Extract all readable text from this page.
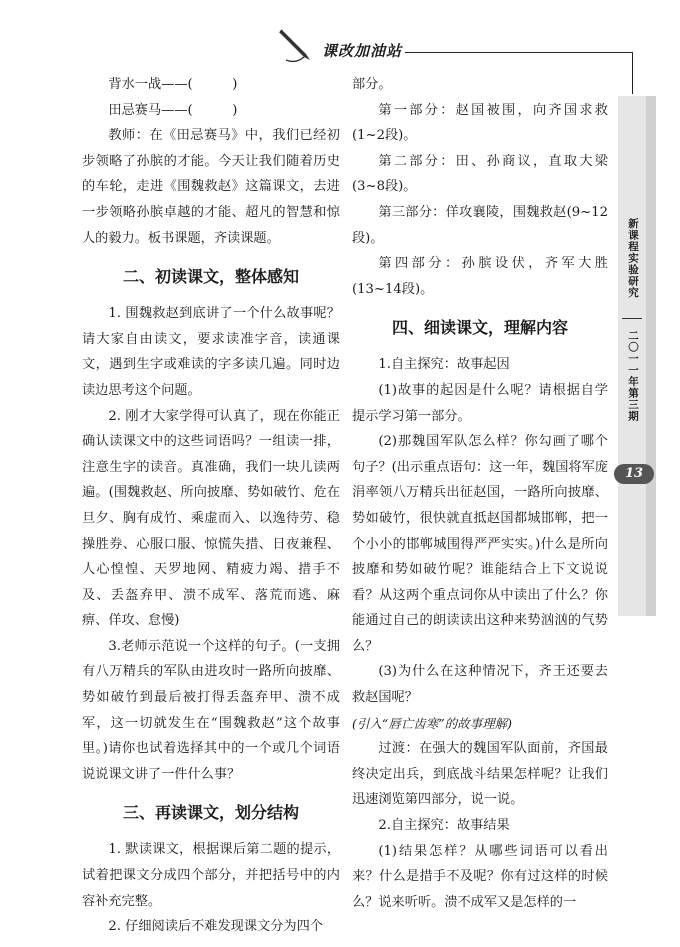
课改加油站
新课程实验研究
二〇一一年第三期
13

背水一战——(　　　)

田忌赛马——(　　　)

教师：在《田忌赛马》中，我们已经初步领略了孙膑的才能。今天让我们随着历史的车轮，走进《围魏救赵》这篇课文，去进一步领略孙膑卓越的才能、超凡的智慧和惊人的毅力。板书课题，齐读课题。

二、初读课文，整体感知

1. 围魏救赵到底讲了一个什么故事呢？请大家自由读文，要求读准字音，读通课文，遇到生字或难读的字多读几遍。同时边读边思考这个问题。

2. 刚才大家学得可认真了，现在你能正确认读课文中的这些词语吗？一组读一排，注意生字的读音。真准确，我们一块儿读两遍。(围魏救赵、所向披靡、势如破竹、危在旦夕、胸有成竹、乘虚而入、以逸待劳、稳操胜券、心服口服、惊慌失措、日夜兼程、人心惶惶、天罗地网、精疲力竭、措手不及、丢盔弃甲、溃不成军、落荒而逃、麻痹、佯攻、怠慢)

3.老师示范说一个这样的句子。(一支拥有八万精兵的军队由进攻时一路所向披靡、势如破竹到最后被打得丢盔弃甲、溃不成军，这一切就发生在“围魏救赵”这个故事里。)请你也试着选择其中的一个或几个词语说说课文讲了一件什么事？

三、再读课文，划分结构

1. 默读课文，根据课后第二题的提示，试着把课文分成四个部分，并把括号中的内容补充完整。

2. 仔细阅读后不难发现课文分为四个

部分。

第一部分：赵国被围，向齐国求救(1~2段)。

第二部分：田、孙商议，直取大梁(3~8段)。

第三部分：佯攻襄陵，围魏救赵(9~12段)。

第四部分：孙膑设伏，齐军大胜(13~14段)。

四、细读课文，理解内容

1.自主探究：故事起因

(1)故事的起因是什么呢？请根据自学提示学习第一部分。

(2)那魏国军队怎么样？你勾画了哪个句子？(出示重点语句：这一年，魏国将军庞涓率领八万精兵出征赵国，一路所向披靡、势如破竹，很快就直抵赵国都城邯郸，把一个小小的邯郸城围得严严实实。)什么是所向披靡和势如破竹呢？谁能结合上下文说说看？从这两个重点词你从中读出了什么？你能通过自己的朗读读出这种来势汹汹的气势么？

(3)为什么在这种情况下，齐王还要去救赵国呢？

(引入“唇亡齿寒”的故事理解)

过渡：在强大的魏国军队面前，齐国最终决定出兵，到底战斗结果怎样呢？让我们迅速浏览第四部分，说一说。

2.自主探究：故事结果

(1)结果怎样？从哪些词语可以看出来？什么是措手不及呢？你有过这样的时候么？说来听听。溃不成军又是怎样的一
